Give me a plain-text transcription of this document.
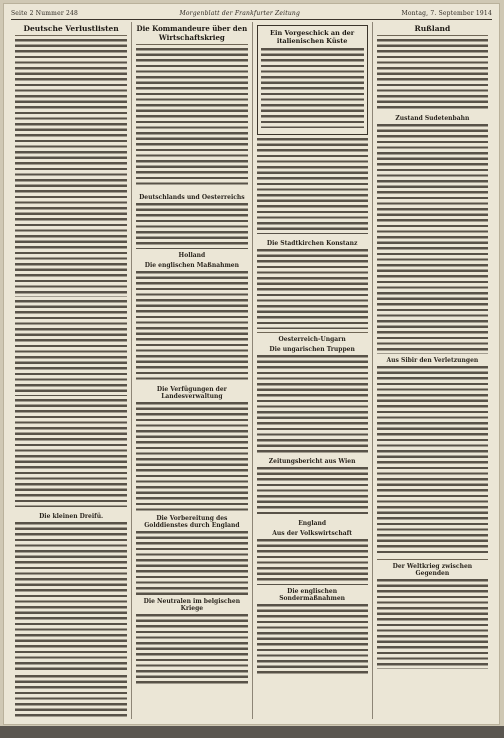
Seite 2 Nummer 248	Morgenblatt der Frankfurter Zeitung	Montag, 7. September 1914
Deutsche Verlustlisten
Die kleinen Dreifü.
Die Kommandeure über den Wirtschaftskrieg
Deutschlands und Oesterreichs
Holland
Die englischen Maßnahmen
Die Verfügungen der Landesverwaltung
Die Vorbereitung des Golddienstes durch England
Die Neutralen im belgischen Kriege
Ein Vorgeschick an der italienischen Küste
Die Stadtkirchen Konstanz
Oesterreich-Ungarn
Die ungarischen Truppen
Zeitungsbericht aus Wien
England
Aus der Volkswirtschaft
Die englischen Sondermaßnahmen
Rußland
Zustand Sudetenbahn
Aus Sibir den Verletzungen
Der Weltkrieg zwischen Gegenden
